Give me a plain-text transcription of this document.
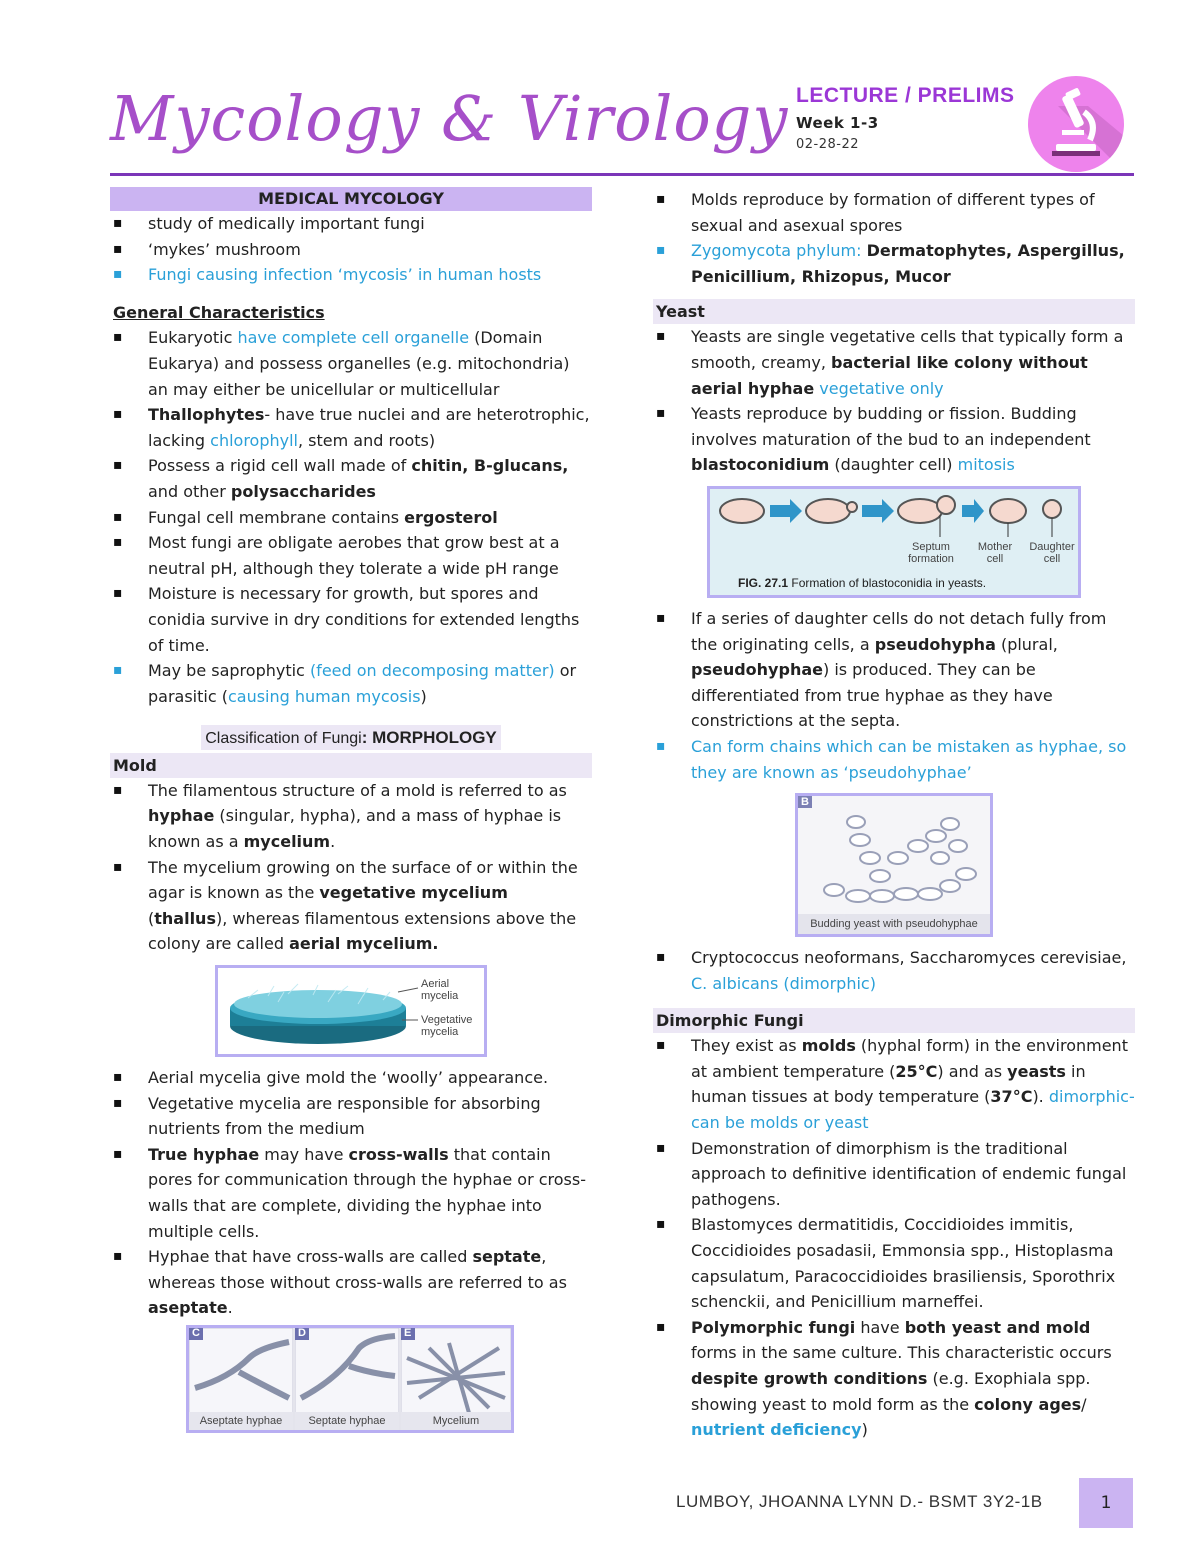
Mycology & Virology LECTURE / PRELIMS
Week 1-3
02-28-22
MEDICAL MYCOLOGY
▪ study of medically important fungi
▪ ‘mykes’ mushroom
▪ Fungi causing infection ‘mycosis’ in human hosts
General Characteristics
▪ Eukaryotic have complete cell organelle (Domain Eukarya) and possess organelles (e.g. mitochondria) an may either be unicellular or multicellular
▪ Thallophytes- have true nuclei and are heterotrophic, lacking chlorophyll, stem and roots)
▪ Possess a rigid cell wall made of chitin, B-glucans, and other polysaccharides
▪ Fungal cell membrane contains ergosterol
▪ Most fungi are obligate aerobes that grow best at a neutral pH, although they tolerate a wide pH range
▪ Moisture is necessary for growth, but spores and conidia survive in dry conditions for extended lengths of time.
▪ May be saprophytic (feed on decomposing matter) or parasitic (causing human mycosis)
Classification of Fungi: MORPHOLOGY
Mold
▪ The filamentous structure of a mold is referred to as hyphae (singular, hypha), and a mass of hyphae is known as a mycelium.
▪ The mycelium growing on the surface of or within the agar is known as the vegetative mycelium (thallus), whereas filamentous extensions above the colony are called aerial mycelium.
Aerial mycelia
Vegetative mycelia
▪ Aerial mycelia give mold the ‘woolly’ appearance.
▪ Vegetative mycelia are responsible for absorbing nutrients from the medium
▪ True hyphae may have cross-walls that contain pores for communication through the hyphae or cross-walls that are complete, dividing the hyphae into multiple cells.
▪ Hyphae that have cross-walls are called septate, whereas those without cross-walls are referred to as aseptate.
C	D	E
Aseptate hyphae	Septate hyphae	Mycelium
▪ Molds reproduce by formation of different types of sexual and asexual spores
▪ Zygomycota phylum: Dermatophytes, Aspergillus, Penicillium, Rhizopus, Mucor
Yeast
▪ Yeasts are single vegetative cells that typically form a smooth, creamy, bacterial like colony without aerial hyphae vegetative only
▪ Yeasts reproduce by budding or fission. Budding involves maturation of the bud to an independent blastoconidium (daughter cell) mitosis
Septum formation
Mother cell
Daughter cell
FIG. 27.1 Formation of blastoconidia in yeasts.
▪ If a series of daughter cells do not detach fully from the originating cells, a pseudohypha (plural, pseudohyphae) is produced. They can be differentiated from true hyphae as they have constrictions at the septa.
▪ Can form chains which can be mistaken as hyphae, so they are known as ‘pseudohyphae’
B
Budding yeast with pseudohyphae
▪ Cryptococcus neoformans, Saccharomyces cerevisiae, C. albicans (dimorphic)
Dimorphic Fungi
▪ They exist as molds (hyphal form) in the environment at ambient temperature (25°C) and as yeasts in human tissues at body temperature (37°C). dimorphic- can be molds or yeast
▪ Demonstration of dimorphism is the traditional approach to definitive identification of endemic fungal pathogens.
▪ Blastomyces dermatitidis, Coccidioides immitis, Coccidioides posadasii, Emmonsia spp., Histoplasma capsulatum, Paracoccidioides brasiliensis, Sporothrix schenckii, and Penicillium marneffei.
▪ Polymorphic fungi have both yeast and mold forms in the same culture. This characteristic occurs despite growth conditions (e.g. Exophiala spp. showing yeast to mold form as the colony ages/ nutrient deficiency)
LUMBOY, JHOANNA LYNN D.- BSMT 3Y2-1B	1
